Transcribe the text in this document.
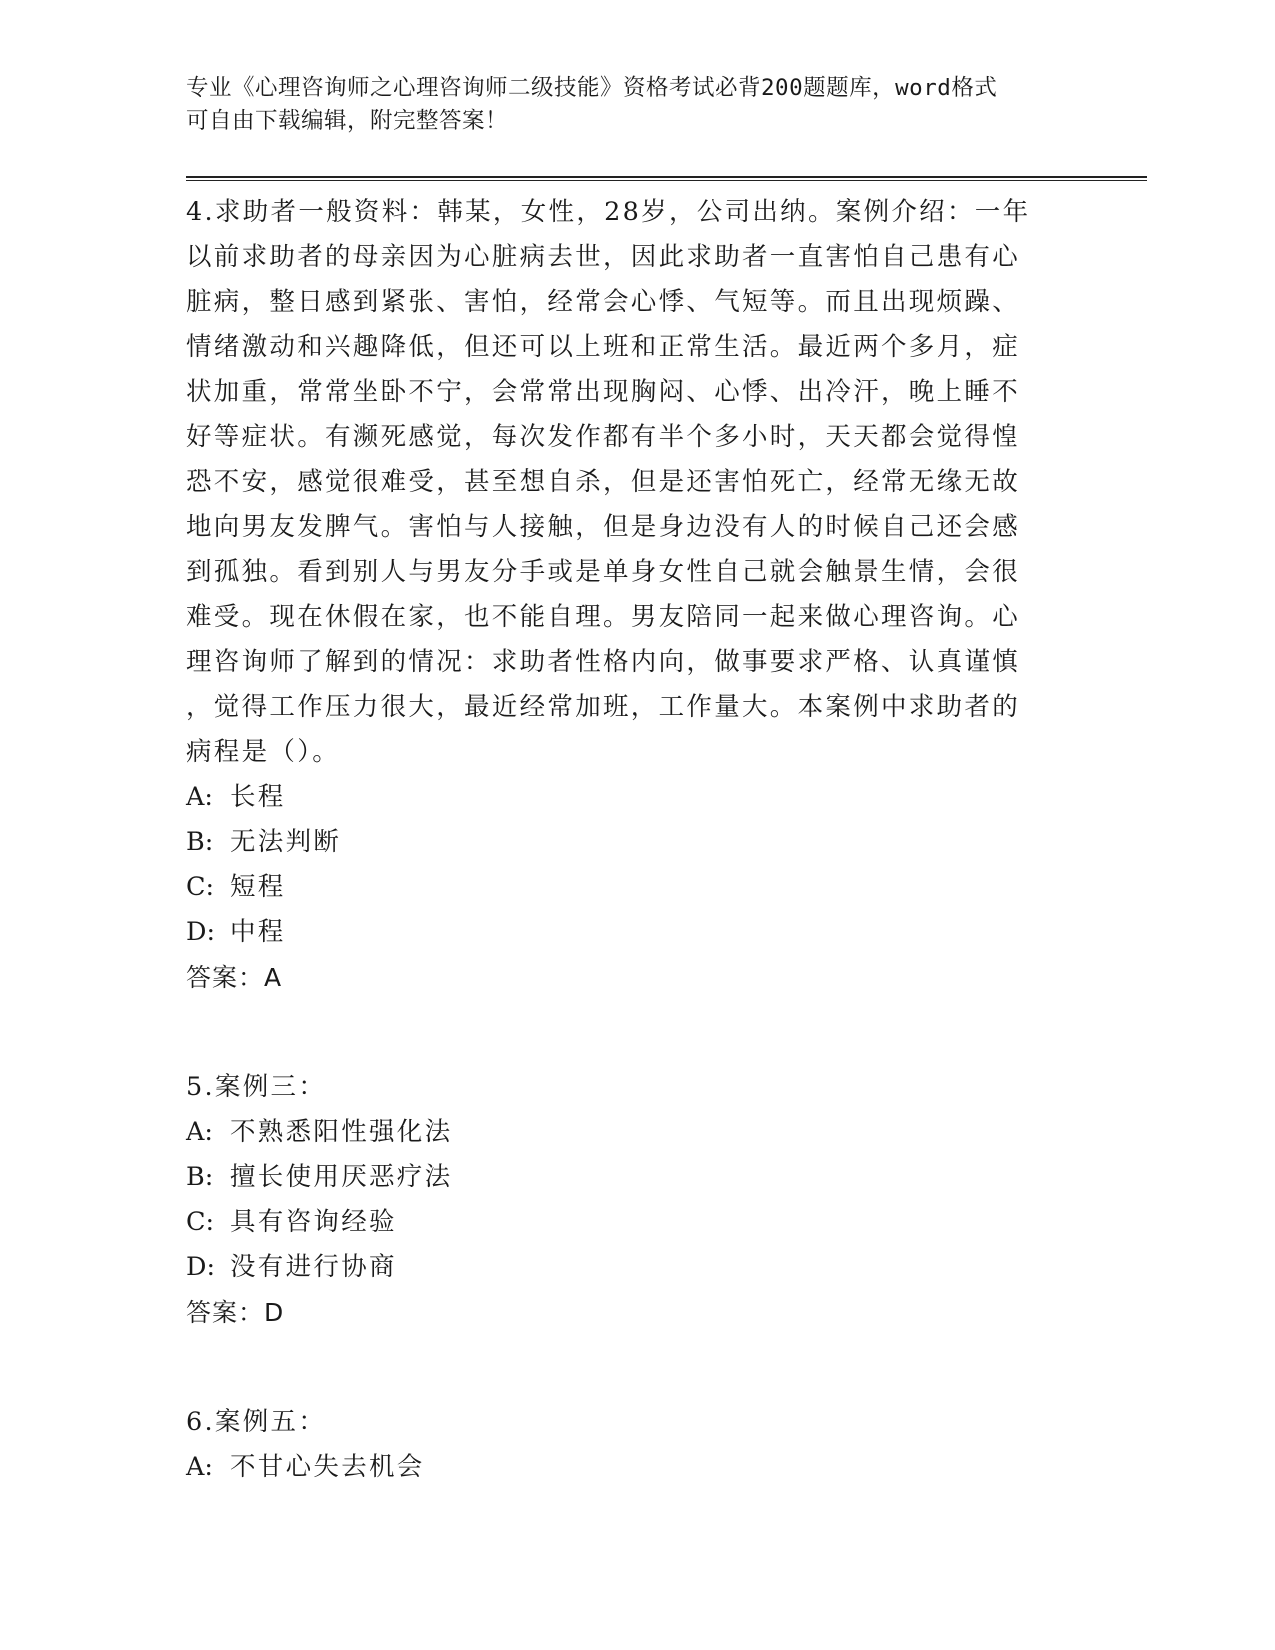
专业《心理咨询师之心理咨询师二级技能》资格考试必背200题题库，word格式
可自由下载编辑，附完整答案！
4.求助者一般资料：韩某，女性，28岁，公司出纳。案例介绍：一年
以前求助者的母亲因为心脏病去世，因此求助者一直害怕自己患有心
脏病，整日感到紧张、害怕，经常会心悸、气短等。而且出现烦躁、
情绪激动和兴趣降低，但还可以上班和正常生活。最近两个多月，症
状加重，常常坐卧不宁，会常常出现胸闷、心悸、出冷汗，晚上睡不
好等症状。有濒死感觉，每次发作都有半个多小时，天天都会觉得惶
恐不安，感觉很难受，甚至想自杀，但是还害怕死亡，经常无缘无故
地向男友发脾气。害怕与人接触，但是身边没有人的时候自己还会感
到孤独。看到别人与男友分手或是单身女性自己就会触景生情，会很
难受。现在休假在家，也不能自理。男友陪同一起来做心理咨询。心
理咨询师了解到的情况：求助者性格内向，做事要求严格、认真谨慎
，觉得工作压力很大，最近经常加班，工作量大。本案例中求助者的
病程是（）。
A: 长程
B: 无法判断
C: 短程
D: 中程
答案：A
5.案例三：
A: 不熟悉阳性强化法
B: 擅长使用厌恶疗法
C: 具有咨询经验
D: 没有进行协商
答案：D
6.案例五：
A: 不甘心失去机会
